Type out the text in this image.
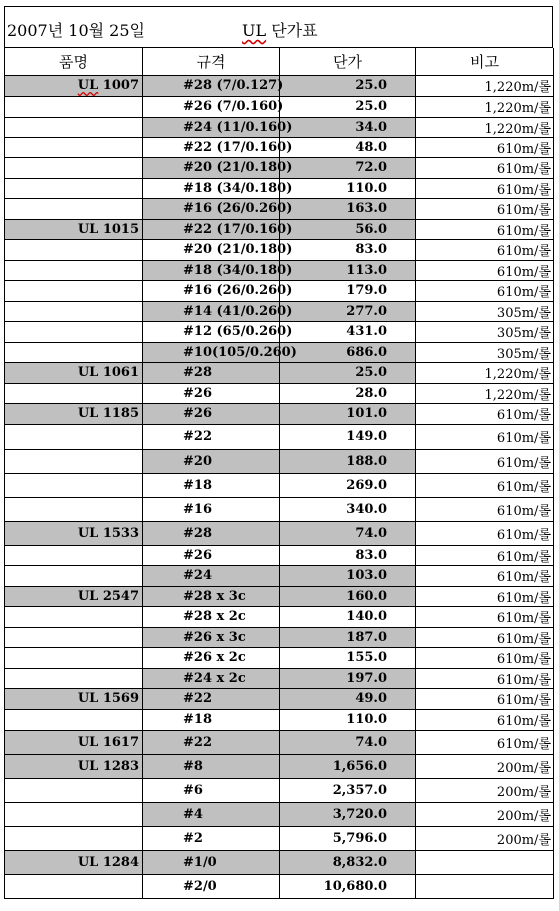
2007년 10월 25일	UL 단가표
품명	규격	단가	비고
UL 1007	#28 (7/0.127)	25.0	1,220m/롤
	#26 (7/0.160)	25.0	1,220m/롤
	#24 (11/0.160)	34.0	1,220m/롤
	#22 (17/0.160)	48.0	610m/롤
	#20 (21/0.180)	72.0	610m/롤
	#18 (34/0.180)	110.0	610m/롤
	#16 (26/0.260)	163.0	610m/롤
UL 1015	#22 (17/0.160)	56.0	610m/롤
	#20 (21/0.180)	83.0	610m/롤
	#18 (34/0.180)	113.0	610m/롤
	#16 (26/0.260)	179.0	610m/롤
	#14 (41/0.260)	277.0	305m/롤
	#12 (65/0.260)	431.0	305m/롤
	#10(105/0.260)	686.0	305m/롤
UL 1061	#28	25.0	1,220m/롤
	#26	28.0	1,220m/롤
UL 1185	#26	101.0	610m/롤
	#22	149.0	610m/롤
	#20	188.0	610m/롤
	#18	269.0	610m/롤
	#16	340.0	610m/롤
UL 1533	#28	74.0	610m/롤
	#26	83.0	610m/롤
	#24	103.0	610m/롤
UL 2547	#28 x 3c	160.0	610m/롤
	#28 x 2c	140.0	610m/롤
	#26 x 3c	187.0	610m/롤
	#26 x 2c	155.0	610m/롤
	#24 x 2c	197.0	610m/롤
UL 1569	#22	49.0	610m/롤
	#18	110.0	610m/롤
UL 1617	#22	74.0	610m/롤
UL 1283	#8	1,656.0	200m/롤
	#6	2,357.0	200m/롤
	#4	3,720.0	200m/롤
	#2	5,796.0	200m/롤
UL 1284	#1/0	8,832.0	
	#2/0	10,680.0	
